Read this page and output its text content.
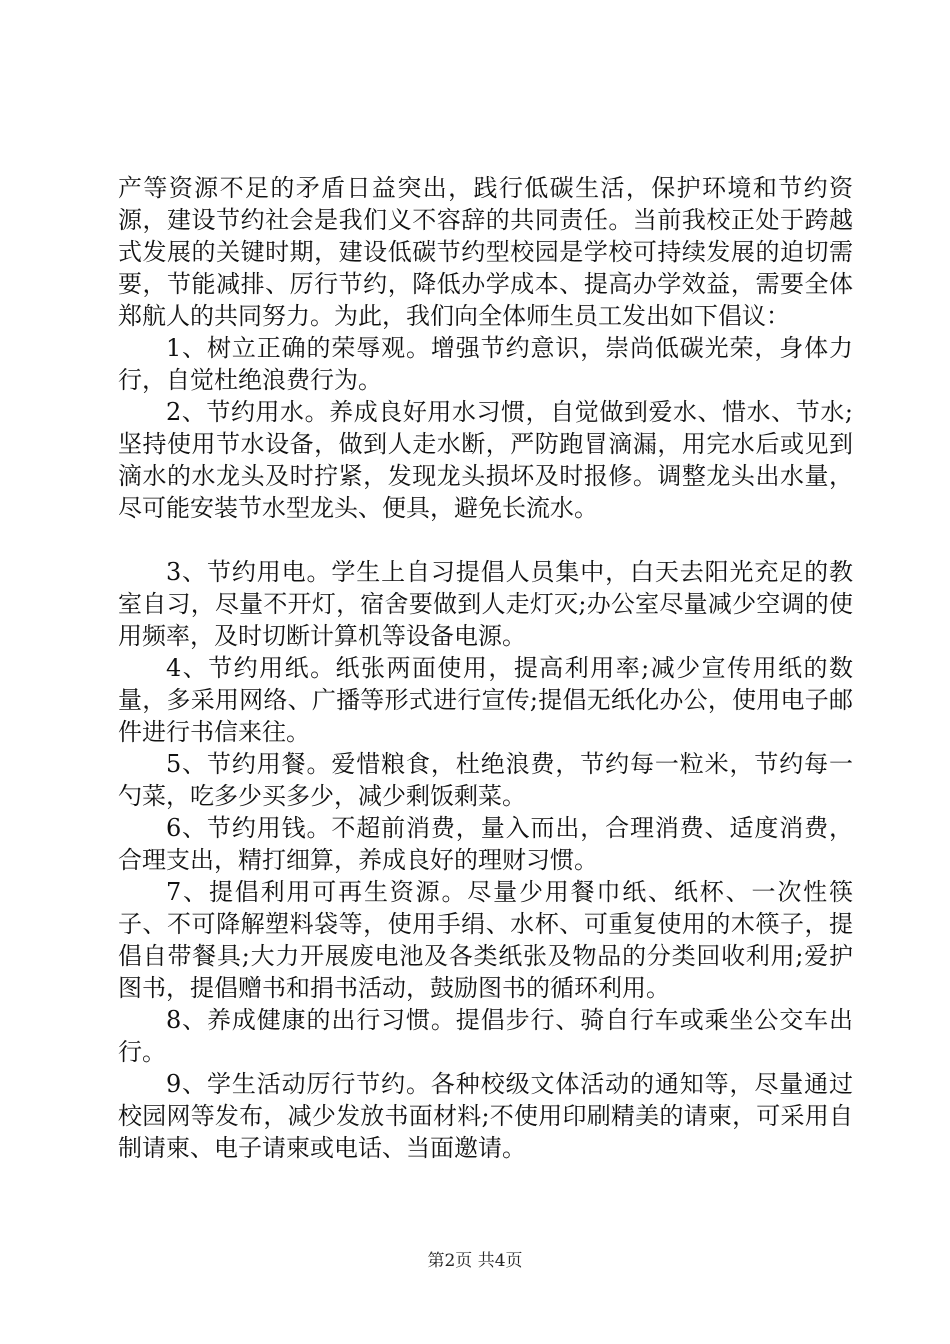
产等资源不足的矛盾日益突出，践行低碳生活，保护环境和节约资源，建设节约社会是我们义不容辞的共同责任。当前我校正处于跨越式发展的关键时期，建设低碳节约型校园是学校可持续发展的迫切需要，节能减排、厉行节约，降低办学成本、提高办学效益，需要全体郑航人的共同努力。为此，我们向全体师生员工发出如下倡议：

1、树立正确的荣辱观。增强节约意识，崇尚低碳光荣，身体力行，自觉杜绝浪费行为。

2、节约用水。养成良好用水习惯，自觉做到爱水、惜水、节水;坚持使用节水设备，做到人走水断，严防跑冒滴漏，用完水后或见到滴水的水龙头及时拧紧，发现龙头损坏及时报修。调整龙头出水量，尽可能安装节水型龙头、便具，避免长流水。

3、节约用电。学生上自习提倡人员集中，白天去阳光充足的教室自习，尽量不开灯，宿舍要做到人走灯灭;办公室尽量减少空调的使用频率，及时切断计算机等设备电源。

4、节约用纸。纸张两面使用，提高利用率;减少宣传用纸的数量，多采用网络、广播等形式进行宣传;提倡无纸化办公，使用电子邮件进行书信来往。

5、节约用餐。爱惜粮食，杜绝浪费，节约每一粒米，节约每一勺菜，吃多少买多少，减少剩饭剩菜。

6、节约用钱。不超前消费，量入而出，合理消费、适度消费，合理支出，精打细算，养成良好的理财习惯。

7、提倡利用可再生资源。尽量少用餐巾纸、纸杯、一次性筷子、不可降解塑料袋等，使用手绢、水杯、可重复使用的木筷子，提倡自带餐具;大力开展废电池及各类纸张及物品的分类回收利用;爱护图书，提倡赠书和捐书活动，鼓励图书的循环利用。

8、养成健康的出行习惯。提倡步行、骑自行车或乘坐公交车出行。

9、学生活动厉行节约。各种校级文体活动的通知等，尽量通过校园网等发布，减少发放书面材料;不使用印刷精美的请柬，可采用自制请柬、电子请柬或电话、当面邀请。

第2页 共4页
